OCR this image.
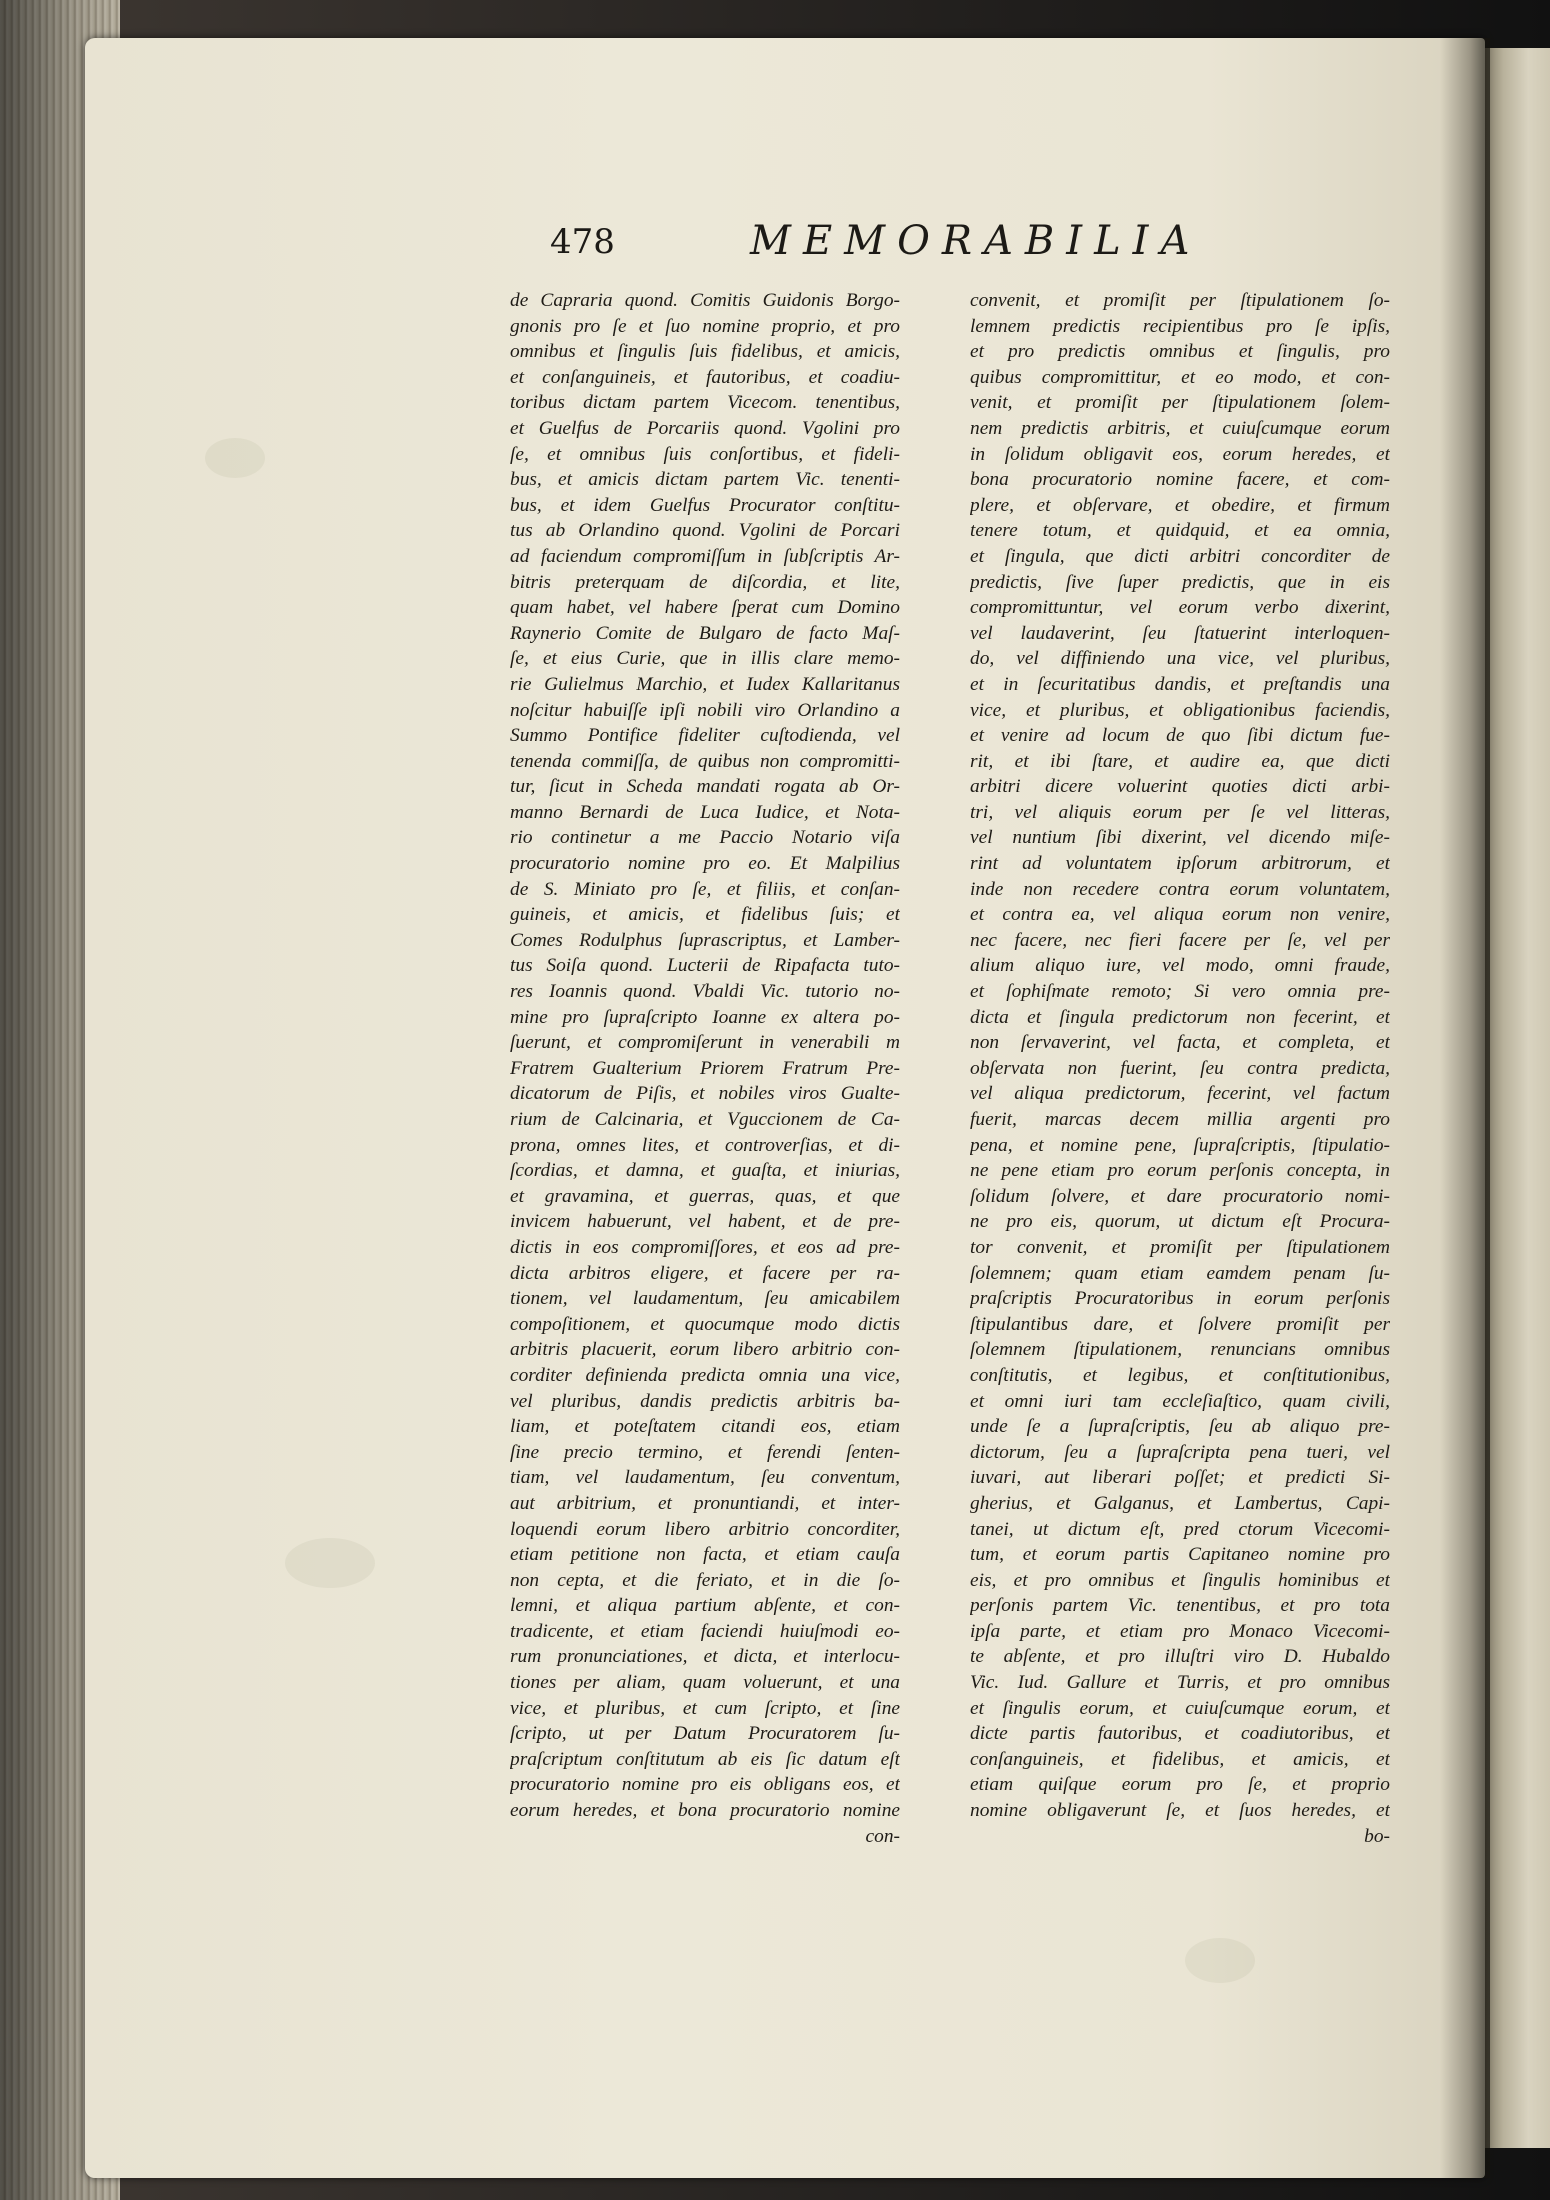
478	MEMORABILIA
de Capraria quond. Comitis Guidonis Borgo-
gnonis pro ſe et ſuo nomine proprio, et pro
omnibus et ſingulis ſuis fidelibus, et amicis,
et conſanguineis, et fautoribus, et coadiu-
toribus dictam partem Vicecom. tenentibus,
et Guelfus de Porcariis quond. Vgolini pro
ſe, et omnibus ſuis conſortibus, et fideli-
bus, et amicis dictam partem Vic. tenenti-
bus, et idem Guelfus Procurator conſtitu-
tus ab Orlandino quond. Vgolini de Porcari
ad faciendum compromiſſum in ſubſcriptis Ar-
bitris preterquam de diſcordia, et lite,
quam habet, vel habere ſperat cum Domino
Raynerio Comite de Bulgaro de facto Maſ-
ſe, et eius Curie, que in illis clare memo-
rie Gulielmus Marchio, et Iudex Kallaritanus
noſcitur habuiſſe ipſi nobili viro Orlandino a
Summo Pontifice fideliter cuſtodienda, vel
tenenda commiſſa, de quibus non compromitti-
tur, ſicut in Scheda mandati rogata ab Or-
manno Bernardi de Luca Iudice, et Nota-
rio continetur a me Paccio Notario viſa
procuratorio nomine pro eo. Et Malpilius
de S. Miniato pro ſe, et filiis, et conſan-
guineis, et amicis, et fidelibus ſuis; et
Comes Rodulphus ſuprascriptus, et Lamber-
tus Soiſa quond. Lucterii de Ripafacta tuto-
res Ioannis quond. Vbaldi Vic. tutorio no-
mine pro ſupraſcripto Ioanne ex altera po-
ſuerunt, et compromiſerunt in venerabili m
Fratrem Gualterium Priorem Fratrum Pre-
dicatorum de Piſis, et nobiles viros Gualte-
rium de Calcinaria, et Vguccionem de Ca-
prona, omnes lites, et controverſias, et di-
ſcordias, et damna, et guaſta, et iniurias,
et gravamina, et guerras, quas, et que
invicem habuerunt, vel habent, et de pre-
dictis in eos compromiſſores, et eos ad pre-
dicta arbitros eligere, et facere per ra-
tionem, vel laudamentum, ſeu amicabilem
compoſitionem, et quocumque modo dictis
arbitris placuerit, eorum libero arbitrio con-
corditer definienda predicta omnia una vice,
vel pluribus, dandis predictis arbitris ba-
liam, et poteſtatem citandi eos, etiam
ſine precio termino, et ferendi ſenten-
tiam, vel laudamentum, ſeu conventum,
aut arbitrium, et pronuntiandi, et inter-
loquendi eorum libero arbitrio concorditer,
etiam petitione non facta, et etiam cauſa
non cepta, et die feriato, et in die ſo-
lemni, et aliqua partium abſente, et con-
tradicente, et etiam faciendi huiuſmodi eo-
rum pronunciationes, et dicta, et interlocu-
tiones per aliam, quam voluerunt, et una
vice, et pluribus, et cum ſcripto, et ſine
ſcripto, ut per Datum Procuratorem ſu-
praſcriptum conſtitutum ab eis ſic datum eſt
procuratorio nomine pro eis obligans eos, et
eorum heredes, et bona procuratorio nomine
con-
convenit, et promiſit per ſtipulationem ſo-
lemnem predictis recipientibus pro ſe ipſis,
et pro predictis omnibus et ſingulis, pro
quibus compromittitur, et eo modo, et con-
venit, et promiſit per ſtipulationem ſolem-
nem predictis arbitris, et cuiuſcumque eorum
in ſolidum obligavit eos, eorum heredes, et
bona procuratorio nomine facere, et com-
plere, et obſervare, et obedire, et firmum
tenere totum, et quidquid, et ea omnia,
et ſingula, que dicti arbitri concorditer de
predictis, ſive ſuper predictis, que in eis
compromittuntur, vel eorum verbo dixerint,
vel laudaverint, ſeu ſtatuerint interloquen-
do, vel diffiniendo una vice, vel pluribus,
et in ſecuritatibus dandis, et preſtandis una
vice, et pluribus, et obligationibus faciendis,
et venire ad locum de quo ſibi dictum fue-
rit, et ibi ſtare, et audire ea, que dicti
arbitri dicere voluerint quoties dicti arbi-
tri, vel aliquis eorum per ſe vel litteras,
vel nuntium ſibi dixerint, vel dicendo miſe-
rint ad voluntatem ipſorum arbitrorum, et
inde non recedere contra eorum voluntatem,
et contra ea, vel aliqua eorum non venire,
nec facere, nec fieri facere per ſe, vel per
alium aliquo iure, vel modo, omni fraude,
et ſophiſmate remoto; Si vero omnia pre-
dicta et ſingula predictorum non fecerint, et
non ſervaverint, vel facta, et completa, et
obſervata non fuerint, ſeu contra predicta,
vel aliqua predictorum, fecerint, vel factum
fuerit, marcas decem millia argenti pro
pena, et nomine pene, ſupraſcriptis, ſtipulatio-
ne pene etiam pro eorum perſonis concepta, in
ſolidum ſolvere, et dare procuratorio nomi-
ne pro eis, quorum, ut dictum eſt Procura-
tor convenit, et promiſit per ſtipulationem
ſolemnem; quam etiam eamdem penam ſu-
praſcriptis Procuratoribus in eorum perſonis
ſtipulantibus dare, et ſolvere promiſit per
ſolemnem ſtipulationem, renuncians omnibus
conſtitutis, et legibus, et conſtitutionibus,
et omni iuri tam eccleſiaſtico, quam civili,
unde ſe a ſupraſcriptis, ſeu ab aliquo pre-
dictorum, ſeu a ſupraſcripta pena tueri, vel
iuvari, aut liberari poſſet; et predicti Si-
gherius, et Galganus, et Lambertus, Capi-
tanei, ut dictum eſt, pred ctorum Vicecomi-
tum, et eorum partis Capitaneo nomine pro
eis, et pro omnibus et ſingulis hominibus et
perſonis partem Vic. tenentibus, et pro tota
ipſa parte, et etiam pro Monaco Vicecomi-
te abſente, et pro illuſtri viro D. Hubaldo
Vic. Iud. Gallure et Turris, et pro omnibus
et ſingulis eorum, et cuiuſcumque eorum, et
dicte partis fautoribus, et coadiutoribus, et
conſanguineis, et fidelibus, et amicis, et
etiam quiſque eorum pro ſe, et proprio
nomine obligaverunt ſe, et ſuos heredes, et
bo-
